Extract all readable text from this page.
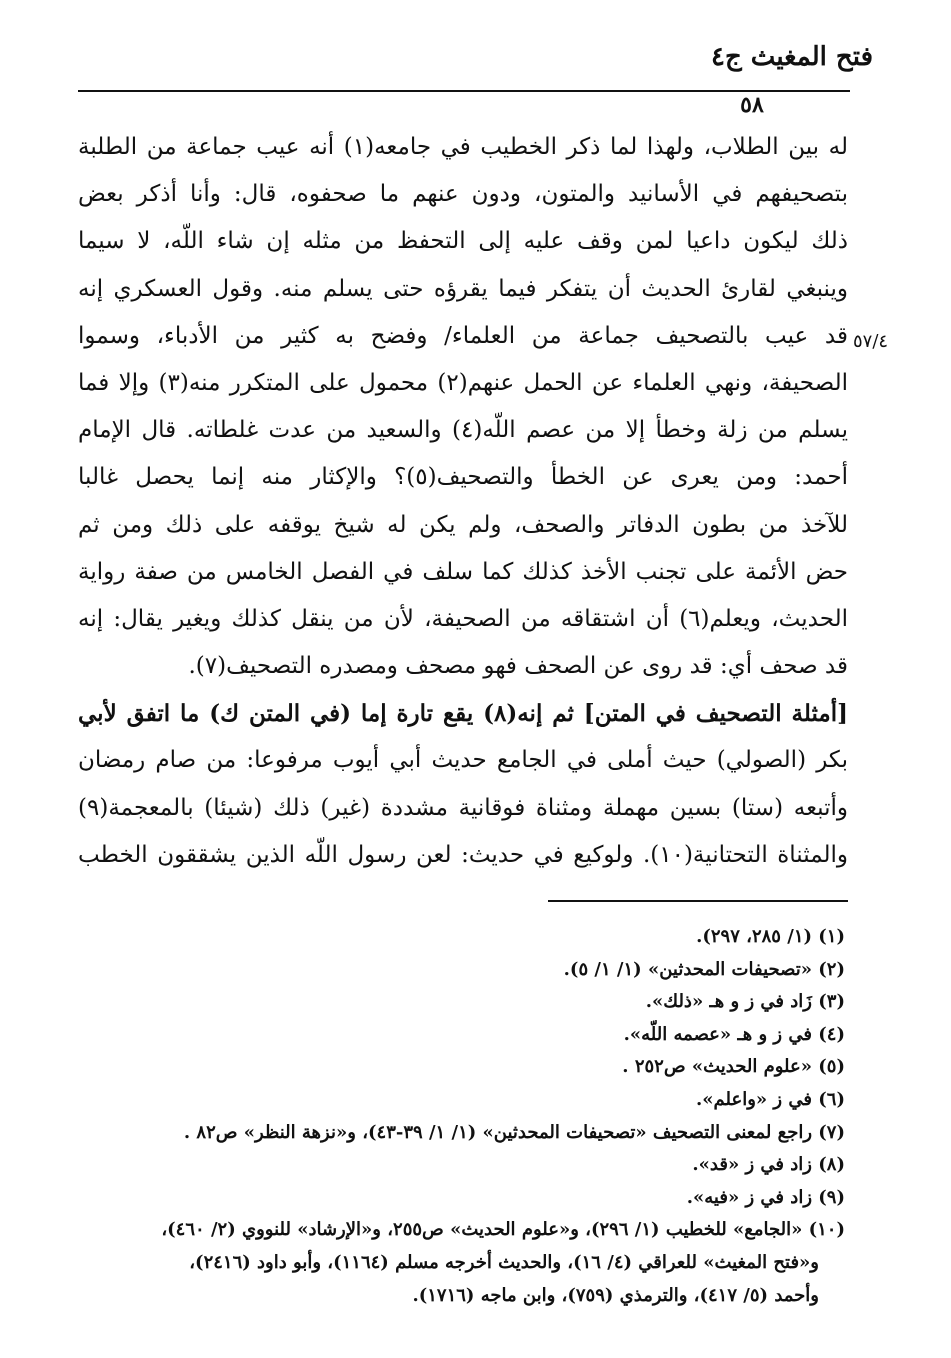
فتح المغيث ج٤
٥٨
٥٧/٤
له بين الطلاب، ولهذا لما ذكر الخطيب في جامعه(١) أنه عيب جماعة من الطلبة
بتصحيفهم في الأسانيد والمتون، ودون عنهم ما صحفوه، قال: وأنا أذكر بعض
ذلك ليكون داعيا لمن وقف عليه إلى التحفظ من مثله إن شاء اللّه، لا سيما
وينبغي لقارئ الحديث أن يتفكر فيما يقرؤه حتى يسلم منه. وقول العسكري إنه
قد عيب بالتصحيف جماعة من العلماء/ وفضح به كثير من الأدباء، وسموا
الصحيفة، ونهي العلماء عن الحمل عنهم(٢) محمول على المتكرر منه(٣) وإلا فما
يسلم من زلة وخطأ إلا من عصم اللّه(٤) والسعيد من عدت غلطاته. قال الإمام
أحمد: ومن يعرى عن الخطأ والتصحيف(٥)؟ والإكثار منه إنما يحصل غالبا
للآخذ من بطون الدفاتر والصحف، ولم يكن له شيخ يوقفه على ذلك ومن ثم
حض الأئمة على تجنب الأخذ كذلك كما سلف في الفصل الخامس من صفة رواية
الحديث، ويعلم(٦) أن اشتقاقه من الصحيفة، لأن من ينقل كذلك ويغير يقال: إنه
قد صحف أي: قد روى عن الصحف فهو مصحف ومصدره التصحيف(٧).
[أمثلة التصحيف في المتن] ثم إنه(٨) يقع تارة إما (في المتن ك) ما اتفق لأبي
بكر (الصولي) حيث أملى في الجامع حديث أبي أيوب مرفوعا: من صام رمضان
وأتبعه (ستا) بسين مهملة ومثناة فوقانية مشددة (غير) ذلك (شيئا) بالمعجمة(٩)
والمثناة التحتانية(١٠). ولوكيع في حديث: لعن رسول اللّه الذين يشققون الخطب
(١) (١/ ٢٨٥، ٢٩٧).
(٢) «تصحيفات المحدثين» (١/ ١/ ٥).
(٣) زَاد في ز و هـ «ذلك».
(٤) في ز و هـ «عصمه اللّه».
(٥) «علوم الحديث» ص٢٥٢ .
(٦) في ز «واعلم».
(٧) راجع لمعنى التصحيف «تصحيفات المحدثين» (١/ ١/ ٣٩-٤٣)، و«نزهة النظر» ص٨٢ .
(٨) زاد في ز «قد».
(٩) زاد في ز «فيه».
(١٠) «الجامع» للخطيب (١/ ٢٩٦)، و«علوم الحديث» ص٢٥٥، و«الإرشاد» للنووي (٢/ ٤٦٠)،
و«فتح المغيث» للعراقي (٤/ ١٦)، والحديث أخرجه مسلم (١١٦٤)، وأبو داود (٢٤١٦)،
وأحمد (٥/ ٤١٧)، والترمذي (٧٥٩)، وابن ماجه (١٧١٦).
